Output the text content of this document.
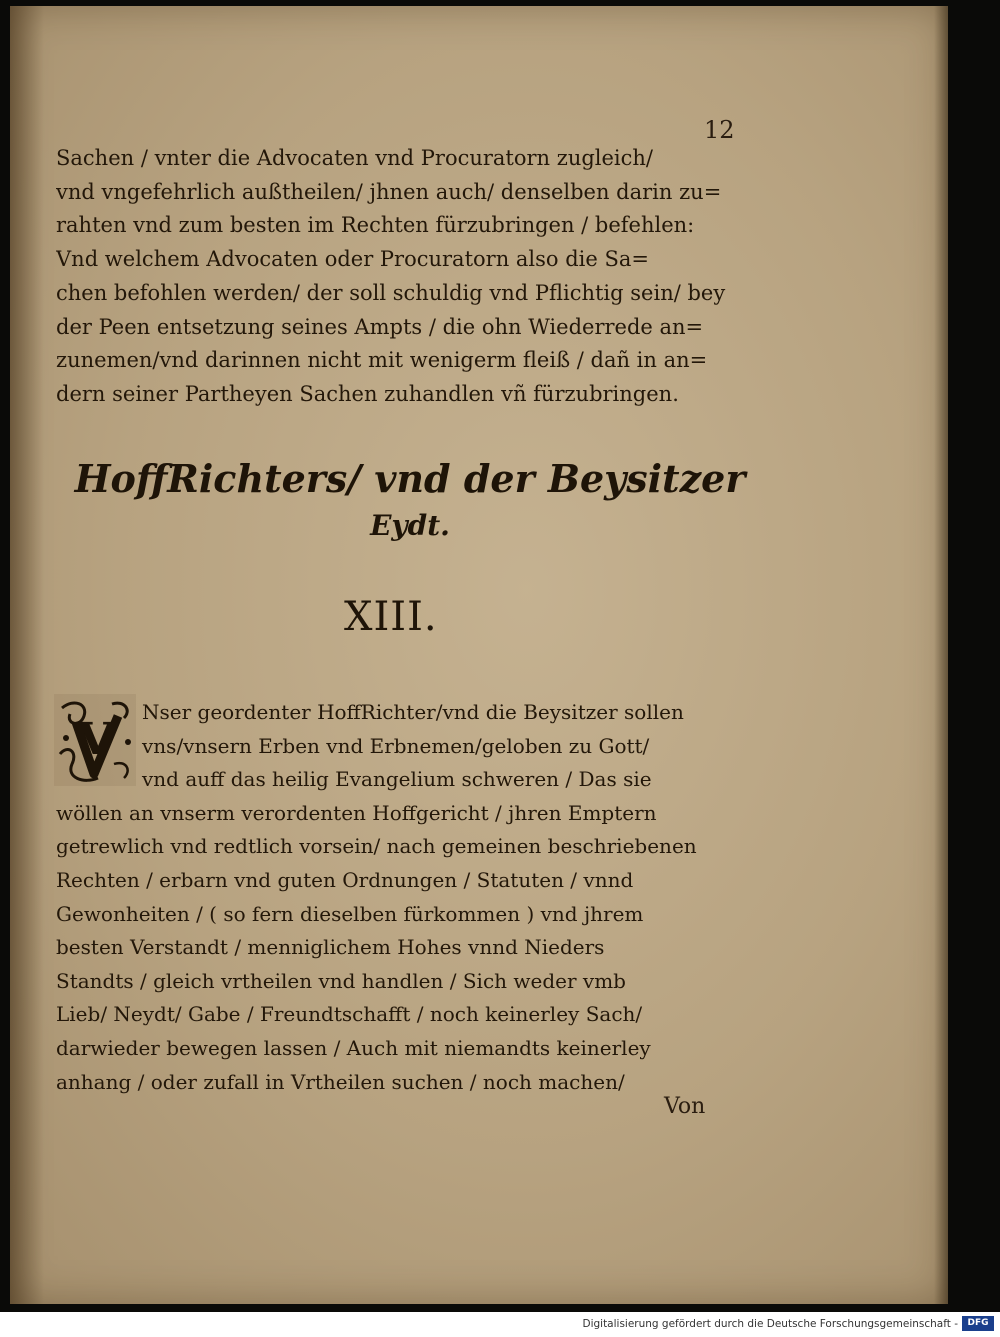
12
Sachen / vnter die Advocaten vnd Procuratorn zugleich/
vnd vngefehrlich außtheilen/ jhnen auch/ denselben darin zu=
rahten vnd zum besten im Rechten fürzubringen / befehlen:
Vnd welchem Advocaten oder Procuratorn also die Sa=
chen befohlen werden/ der soll schuldig vnd Pflichtig sein/ bey
der Peen entsetzung seines Ampts / die ohn Wiederrede an=
zunemen/vnd darinnen nicht mit wenigerm fleiß / dañ in an=
dern seiner Partheyen Sachen zuhandlen vñ fürzubringen.
HoffRichters/ vnd der Beysitzer
Eydt.
XIII.
V
Nser geordenter HoffRichter/vnd die Beysitzer sollen
vns/vnsern Erben vnd Erbnemen/geloben zu Gott/
vnd auff das heilig Evangelium schweren / Das sie
wöllen an vnserm verordenten Hoffgericht / jhren Emptern
getrewlich vnd redtlich vorsein/ nach gemeinen beschriebenen
Rechten / erbarn vnd guten Ordnungen / Statuten / vnnd
Gewonheiten / ( so fern dieselben fürkommen ) vnd jhrem
besten Verstandt / menniglichem Hohes vnnd Nieders
Standts / gleich vrtheilen vnd handlen / Sich weder vmb
Lieb/ Neydt/ Gabe / Freundtschafft / noch keinerley Sach/
darwieder bewegen lassen / Auch mit niemandts keinerley
anhang / oder zufall in Vrtheilen suchen / noch machen/
Von
Digitalisierung gefördert durch die Deutsche Forschungsgemeinschaft -	DFG
